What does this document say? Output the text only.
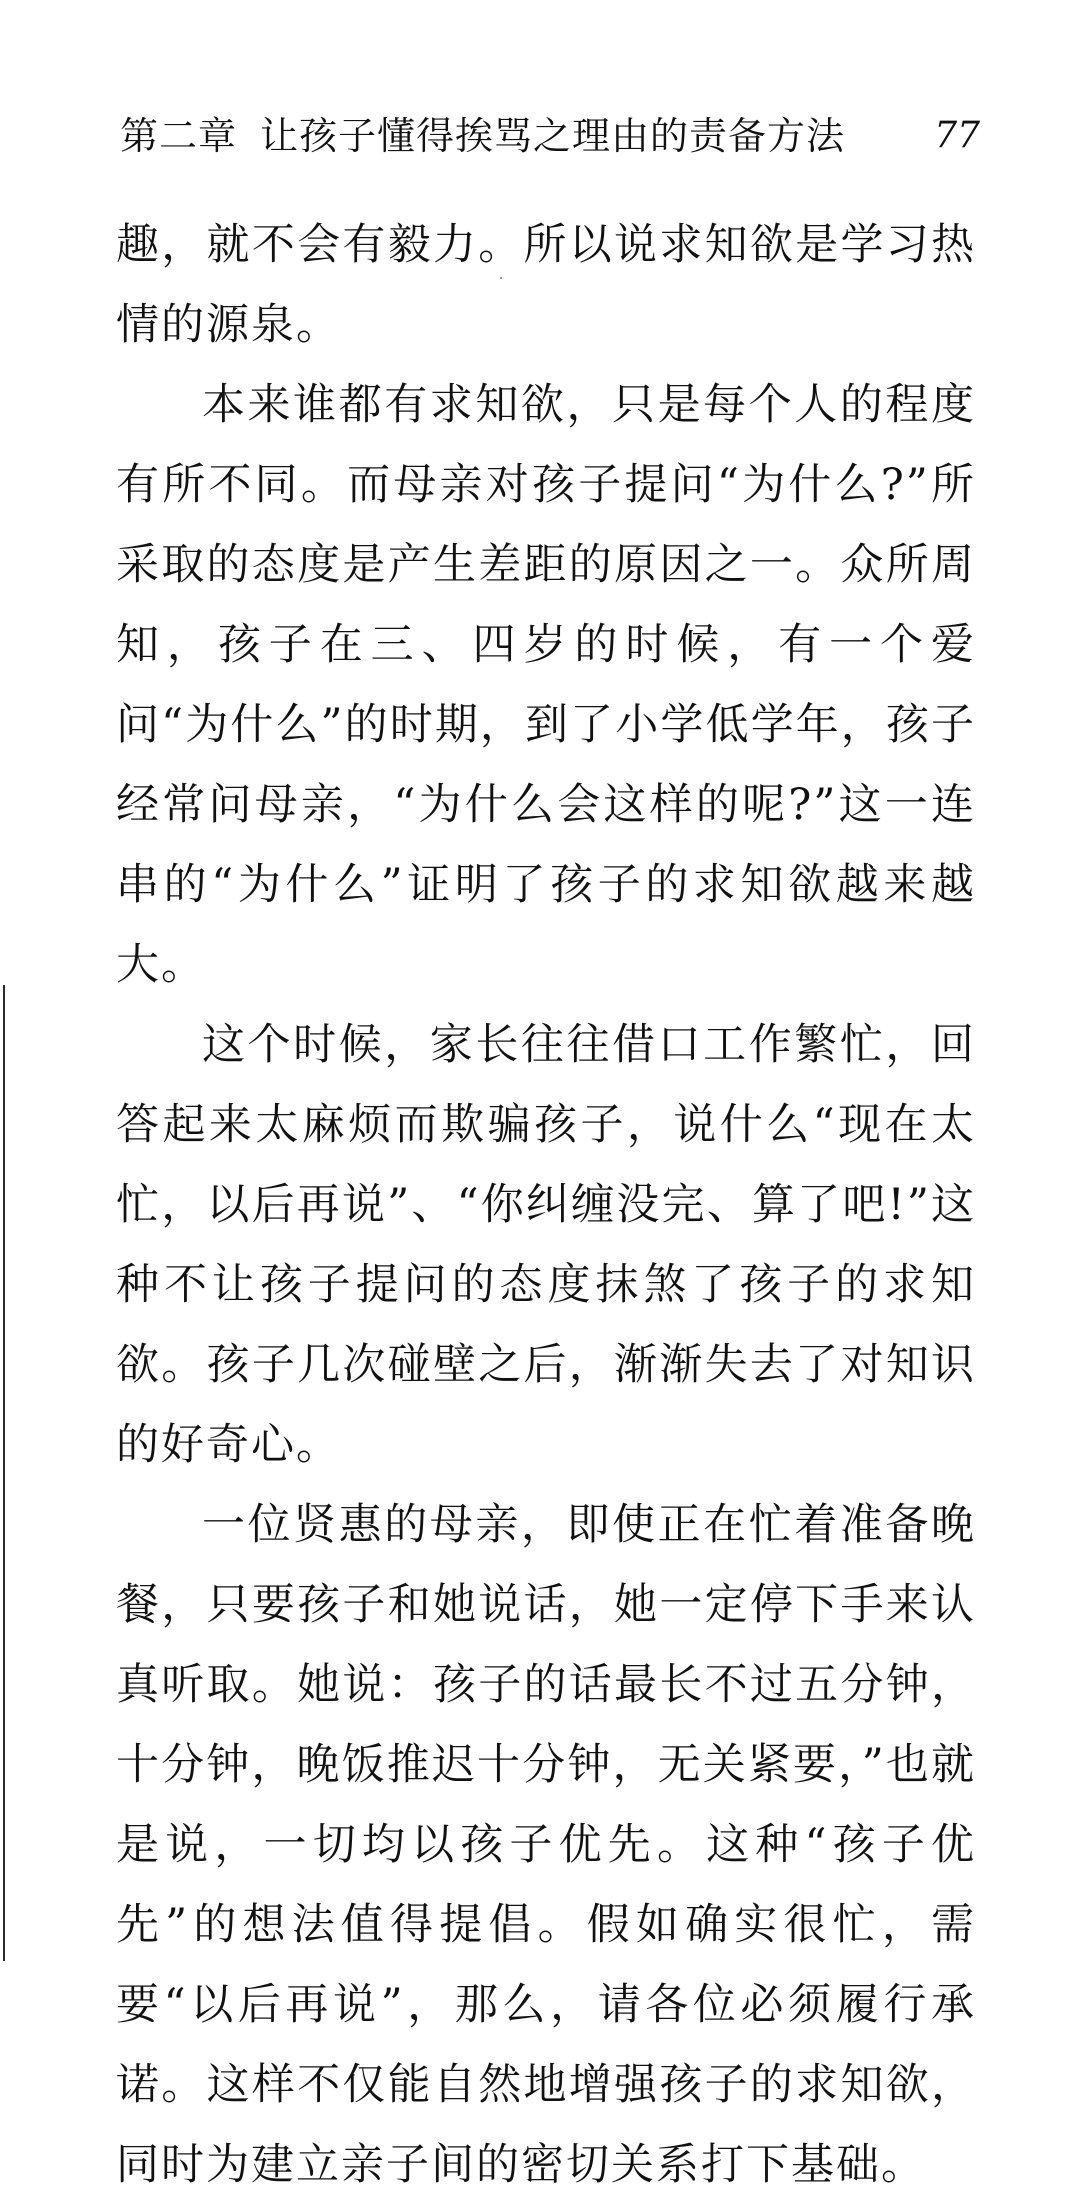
第二章 让孩子懂得挨骂之理由的责备方法 77

趣，就不会有毅力。所以说求知欲是学习热情的源泉。

本来谁都有求知欲，只是每个人的程度有所不同。而母亲对孩子提问“为什么?”所采取的态度是产生差距的原因之一。众所周知，孩子在三、四岁的时候，有一个爱问“为什么”的时期，到了小学低学年，孩子经常问母亲，“为什么会这样的呢?”这一连串的“为什么”证明了孩子的求知欲越来越大。

这个时候，家长往往借口工作繁忙，回答起来太麻烦而欺骗孩子，说什么“现在太忙，以后再说”、“你纠缠没完、算了吧!”这种不让孩子提问的态度抹煞了孩子的求知欲。孩子几次碰壁之后，渐渐失去了对知识的好奇心。

一位贤惠的母亲，即使正在忙着准备晚餐，只要孩子和她说话，她一定停下手来认真听取。她说：孩子的话最长不过五分钟，十分钟，晚饭推迟十分钟，无关紧要，”也就是说，一切均以孩子优先。这种“孩子优先”的想法值得提倡。假如确实很忙，需要“以后再说”，那么，请各位必须履行承诺。这样不仅能自然地增强孩子的求知欲，同时为建立亲子间的密切关系打下基础。
